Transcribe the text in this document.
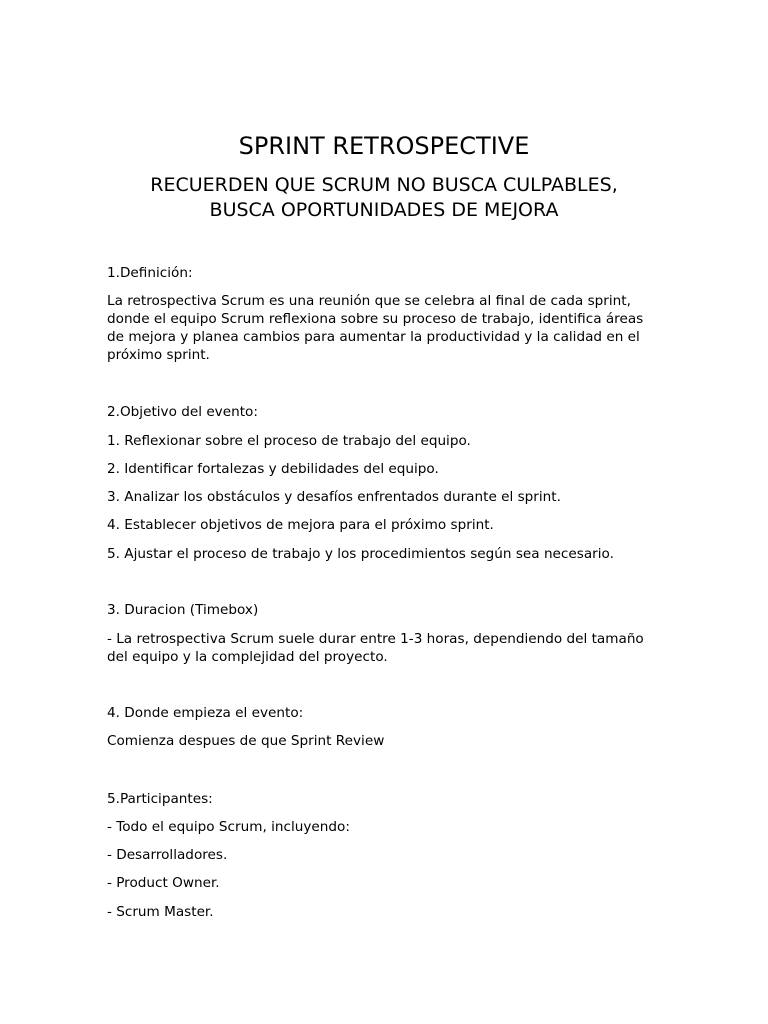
SPRINT RETROSPECTIVE
RECUERDEN QUE SCRUM NO BUSCA CULPABLES,
BUSCA OPORTUNIDADES DE MEJORA

1.Definición:

La retrospectiva Scrum es una reunión que se celebra al final de cada sprint, donde el equipo Scrum reflexiona sobre su proceso de trabajo, identifica áreas de mejora y planea cambios para aumentar la productividad y la calidad en el próximo sprint.

2.Objetivo del evento:

1. Reflexionar sobre el proceso de trabajo del equipo.

2. Identificar fortalezas y debilidades del equipo.

3. Analizar los obstáculos y desafíos enfrentados durante el sprint.

4. Establecer objetivos de mejora para el próximo sprint.

5. Ajustar el proceso de trabajo y los procedimientos según sea necesario.

3. Duracion (Timebox)

- La retrospectiva Scrum suele durar entre 1-3 horas, dependiendo del tamaño del equipo y la complejidad del proyecto.

4. Donde empieza el evento:

Comienza despues de que Sprint Review

5.Participantes:

- Todo el equipo Scrum, incluyendo:

- Desarrolladores.

- Product Owner.

- Scrum Master.
